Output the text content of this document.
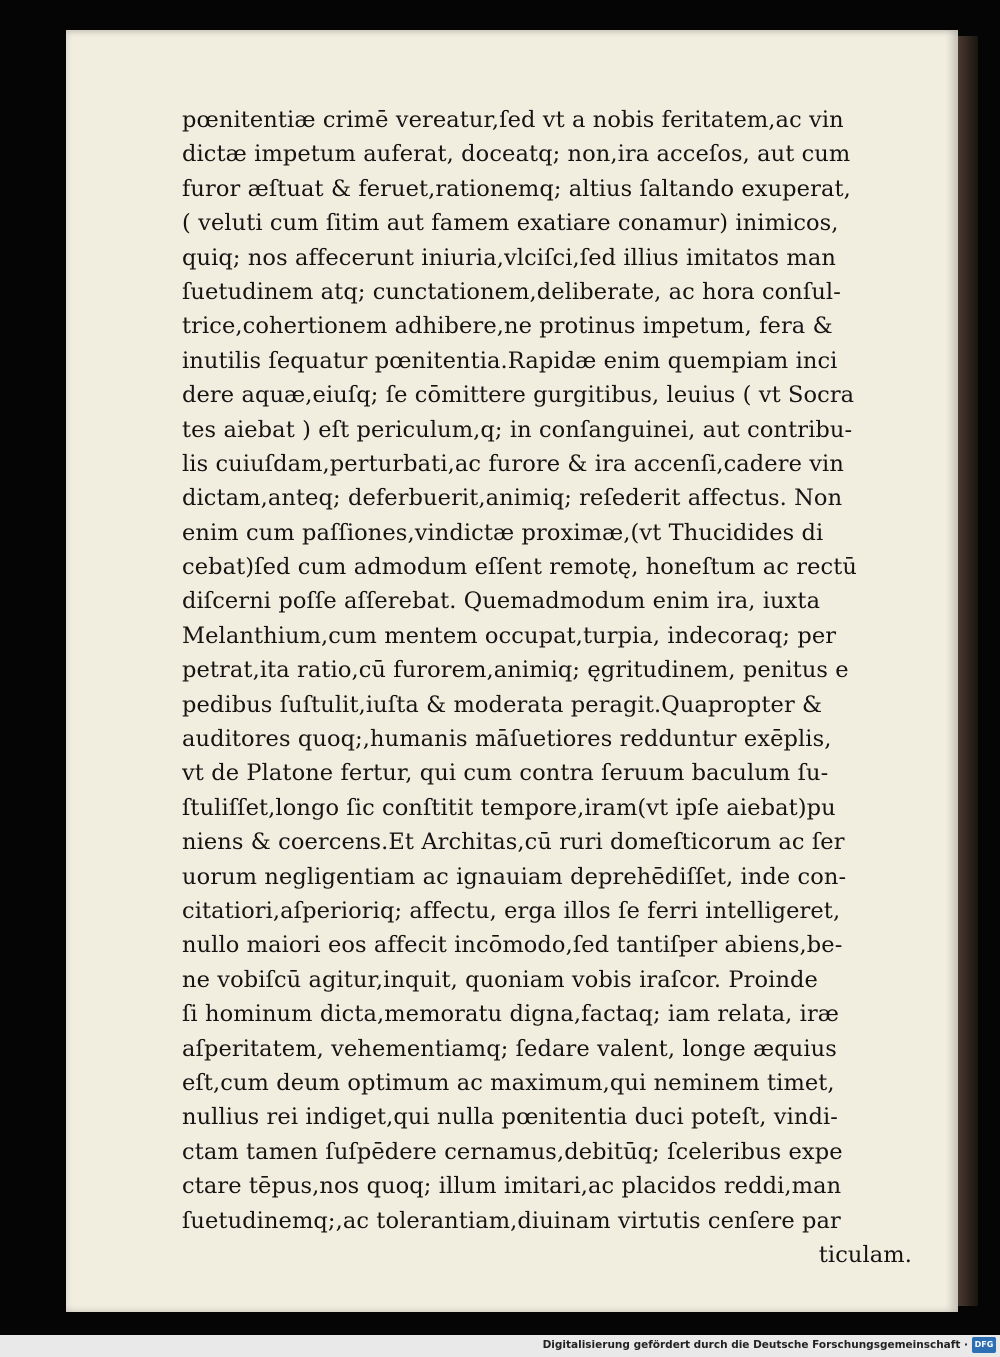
pœnitentiæ crimē vereatur,ſed vt a nobis feritatem,ac vin
dictæ impetum auferat, doceatq; non,ira acceſos, aut cum
furor æſtuat & feruet,rationemq; altius ſaltando exuperat,
( veluti cum ſitim aut famem exatiare conamur) inimicos,
quiq; nos affecerunt iniuria,vlciſci,ſed illius imitatos man
ſuetudinem atq; cunctationem,deliberate, ac hora conſul-
trice,cohertionem adhibere,ne protinus impetum, fera &
inutilis ſequatur pœnitentia.Rapidæ enim quempiam inci
dere aquæ,eiuſq; ſe cōmittere gurgitibus, leuius ( vt Socra
tes aiebat ) eſt periculum,q; in conſanguinei, aut contribu-
lis cuiuſdam,perturbati,ac furore & ira accenſi,cadere vin
dictam,anteq; deferbuerit,animiq; reſederit affectus. Non
enim cum paſſiones,vindictæ proximæ,(vt Thucidides di
cebat)ſed cum admodum eſſent remotę, honeſtum ac rectū
diſcerni poſſe aſſerebat. Quemadmodum enim ira, iuxta
Melanthium,cum mentem occupat,turpia, indecoraq; per
petrat,ita ratio,cū furorem,animiq; ęgritudinem, penitus e
pedibus ſuſtulit,iuſta & moderata peragit.Quapropter &
auditores quoq;,humanis māſuetiores redduntur exēplis,
vt de Platone fertur, qui cum contra ſeruum baculum ſu-
ſtuliſſet,longo ſic conſtitit tempore,iram(vt ipſe aiebat)pu
niens & coercens.Et Architas,cū ruri domeſticorum ac ſer
uorum negligentiam ac ignauiam deprehēdiſſet, inde con-
citatiori,aſperioriq; affectu, erga illos ſe ferri intelligeret,
nullo maiori eos affecit incōmodo,ſed tantiſper abiens,be-
ne vobiſcū agitur,inquit, quoniam vobis iraſcor. Proinde
ſi hominum dicta,memoratu digna,factaq; iam relata, iræ
aſperitatem, vehementiamq; ſedare valent, longe æquius
eſt,cum deum optimum ac maximum,qui neminem timet,
nullius rei indiget,qui nulla pœnitentia duci poteſt, vindi-
ctam tamen ſuſpēdere cernamus,debitūq; ſceleribus expe
ctare tēpus,nos quoq; illum imitari,ac placidos reddi,man
ſuetudinemq;,ac tolerantiam,diuinam virtutis cenſere par
ticulam.
Digitalisierung gefördert durch die Deutsche Forschungsgemeinschaft · DFG
